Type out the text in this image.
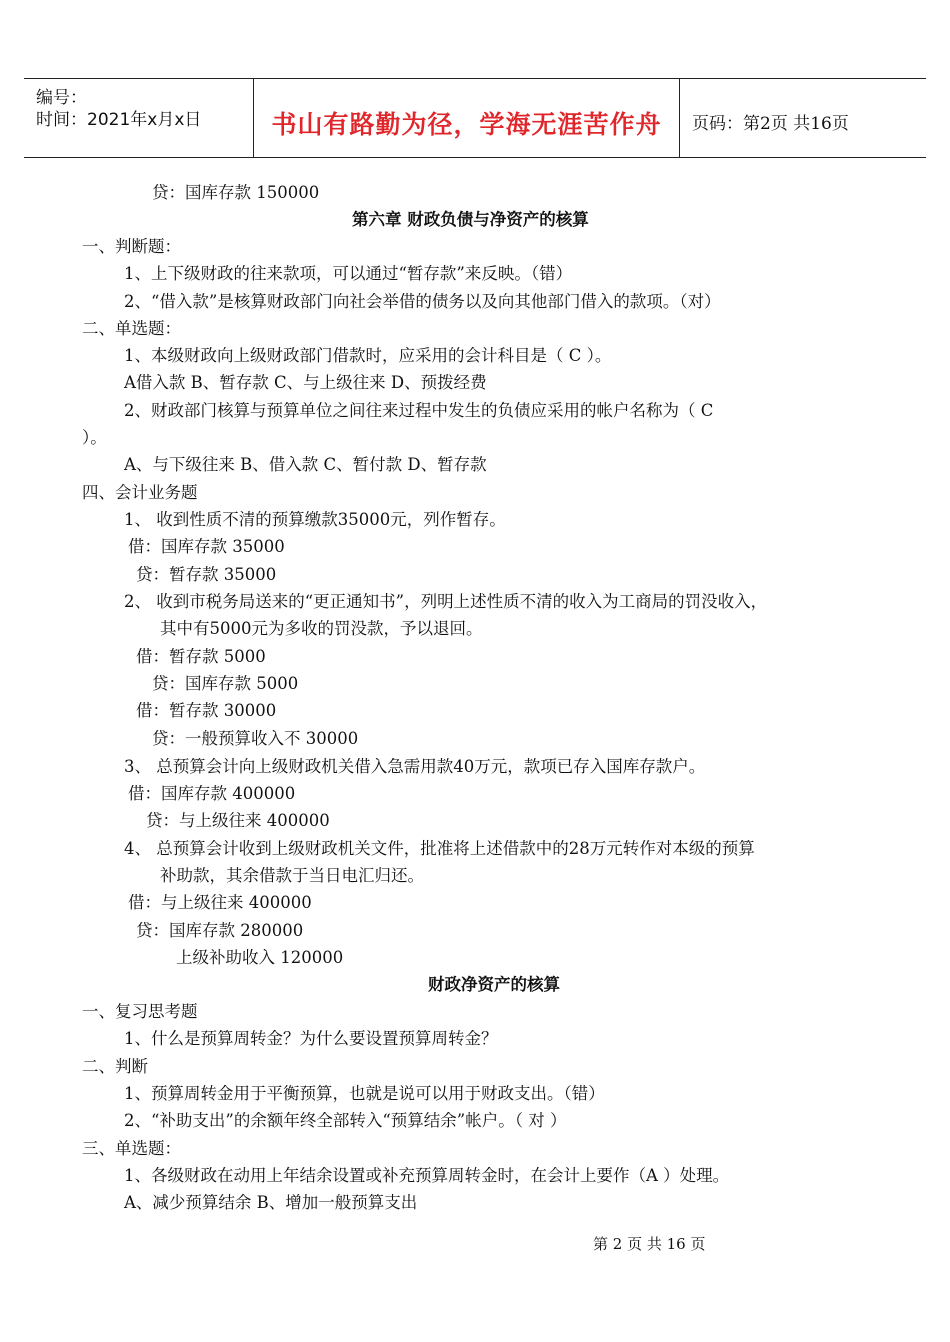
编号：
时间：2021年x月x日	书山有路勤为径，学海无涯苦作舟	页码：第2页 共16页
贷：国库存款 150000
第六章 财政负债与净资产的核算
一、判断题：
1、上下级财政的往来款项，可以通过“暂存款”来反映。（错）
2、“借入款”是核算财政部门向社会举借的债务以及向其他部门借入的款项。（对）
二、单选题：
1、本级财政向上级财政部门借款时，应采用的会计科目是（ C ）。
A借入款 B、暂存款 C、与上级往来 D、预拨经费
2、财政部门核算与预算单位之间往来过程中发生的负债应采用的帐户名称为（ C
）。
A、与下级往来 B、借入款 C、暂付款 D、暂存款
四、会计业务题
1、 收到性质不清的预算缴款35000元，列作暂存。
借：国库存款 35000
贷：暂存款 35000
2、 收到市税务局送来的“更正通知书”，列明上述性质不清的收入为工商局的罚没收入，
其中有5000元为多收的罚没款，予以退回。
借：暂存款 5000
贷：国库存款 5000
借：暂存款 30000
贷：一般预算收入不 30000
3、 总预算会计向上级财政机关借入急需用款40万元，款项已存入国库存款户。
借：国库存款 400000
贷：与上级往来 400000
4、 总预算会计收到上级财政机关文件，批准将上述借款中的28万元转作对本级的预算
补助款，其余借款于当日电汇归还。
借：与上级往来 400000
贷：国库存款 280000
上级补助收入 120000
财政净资产的核算
一、复习思考题
1、什么是预算周转金？为什么要设置预算周转金？
二、判断
1、预算周转金用于平衡预算，也就是说可以用于财政支出。（错）
2、“补助支出”的余额年终全部转入“预算结余”帐户。（ 对 ）
三、单选题：
1、各级财政在动用上年结余设置或补充预算周转金时，在会计上要作（A ）处理。
A、减少预算结余 B、增加一般预算支出
第 2 页 共 16 页
